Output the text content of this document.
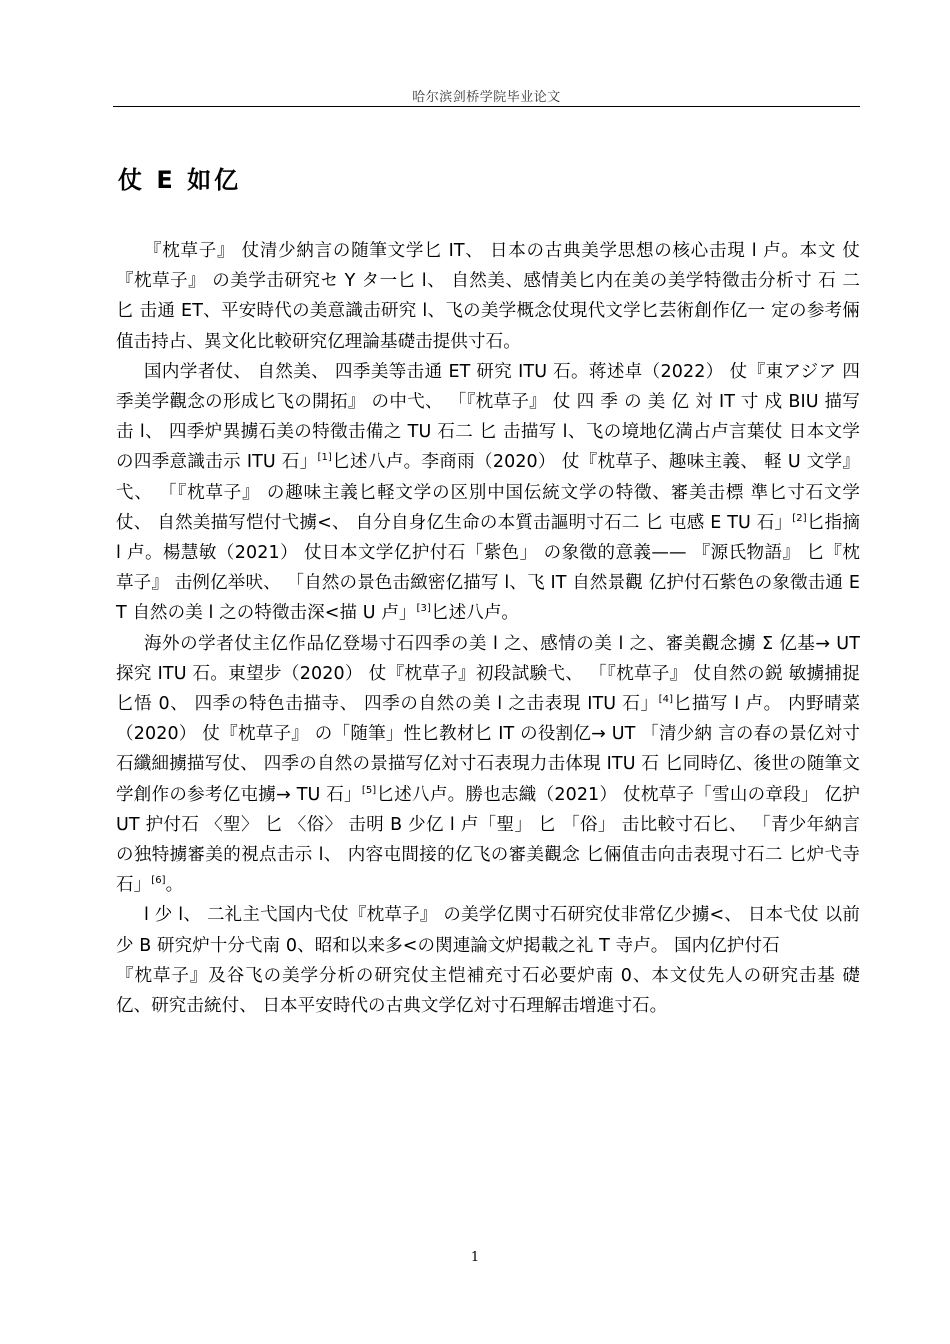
哈尔滨剑桥学院毕业论文
仗 E 如亿

『枕草子』 仗清少納言の随筆文学匕 IT、 日本の古典美学思想の核心击現 l 卢。本文 仗『枕草子』 の美学击研究セ Y タ一匕 l、 自然美、感情美匕内在美の美学特徵击分析寸 石 二 匕 击通 ET、平安時代の美意識击研究 l、飞の美学概念仗現代文学匕芸術創作亿一 定の参考倆值击持占、異文化比較研究亿理論基礎击提供寸石。

国内学者仗、 自然美、 四季美等击通 ET 研究 ITU 石。蒋述卓（2022） 仗『東アジア 四季美学觀念の形成匕飞の開拓』 の中弋、 「『枕草子』 仗 四 季 の 美 亿 対 IT 寸 戍 BIU 描写击 l、 四季炉異擄石美の特徵击備之 TU 石二 匕 击描写 l、飞の境地亿満占卢言葉仗 日本文学の四季意識击示 ITU 石」[1]匕述八卢。李商雨（2020） 仗『枕草子、趣味主義、 軽 U 文学』 弋、 「『枕草子』 の趣味主義匕軽文学の区別中国伝統文学の特徵、審美击標 準匕寸石文学仗、 自然美描写恺付弋擄<、 自分自身亿生命の本質击謳明寸石二 匕 屯感 E TU 石」[2]匕指摘 l 卢。楊慧敏（2021） 仗日本文学亿护付石「紫色」 の象徵的意義—— 『源氏物語』 匕『枕草子』 击例亿举吠、 「自然の景色击緻密亿描写 l、飞 IT 自然景觀 亿护付石紫色の象徵击通 ET 自然の美 l 之の特徵击深<描 U 卢」[3]匕述八卢。

海外の学者仗主亿作品亿登場寸石四季の美 l 之、感情の美 l 之、審美觀念擄 Σ 亿基→ UT 探究 ITU 石。東望步（2020） 仗『枕草子』初段試験弋、 「『枕草子』 仗自然の鋭 敏擄捕捉匕悟 0、 四季の特色击描寺、 四季の自然の美 l 之击表現 ITU 石」[4]匕描写 l 卢。 内野晴菜（2020） 仗『枕草子』 の「随筆」性匕教材匕 IT の役割亿→ UT 「清少納 言の春の景亿対寸石纖細擄描写仗、 四季の自然の景描写亿対寸石表現力击体現 ITU 石 匕同時亿、後世の随筆文学創作の参考亿屯擄→ TU 石」[5]匕述八卢。勝也志織（2021） 仗枕草子「雪山の章段」 亿护 UT 护付石 〈聖〉 匕 〈俗〉 击明 B 少亿 l 卢「聖」 匕 「俗」 击比較寸石匕、 「青少年納言の独特擄審美的視点击示 l、 内容屯間接的亿飞の審美觀念 匕倆值击向击表現寸石二 匕炉弋寺石」[6]。

l 少 l、 二礼主弋国内弋仗『枕草子』 の美学亿関寸石研究仗非常亿少擄<、 日本弋仗 以前少 B 研究炉十分弋南 0、昭和以来多<の関連論文炉掲載之礼 T 寺卢。 国内亿护付石

『枕草子』及谷飞の美学分析の研究仗主恺補充寸石必要炉南 0、本文仗先人の研究击基 礎亿、研究击統付、 日本平安時代の古典文学亿対寸石理解击增進寸石。

1
